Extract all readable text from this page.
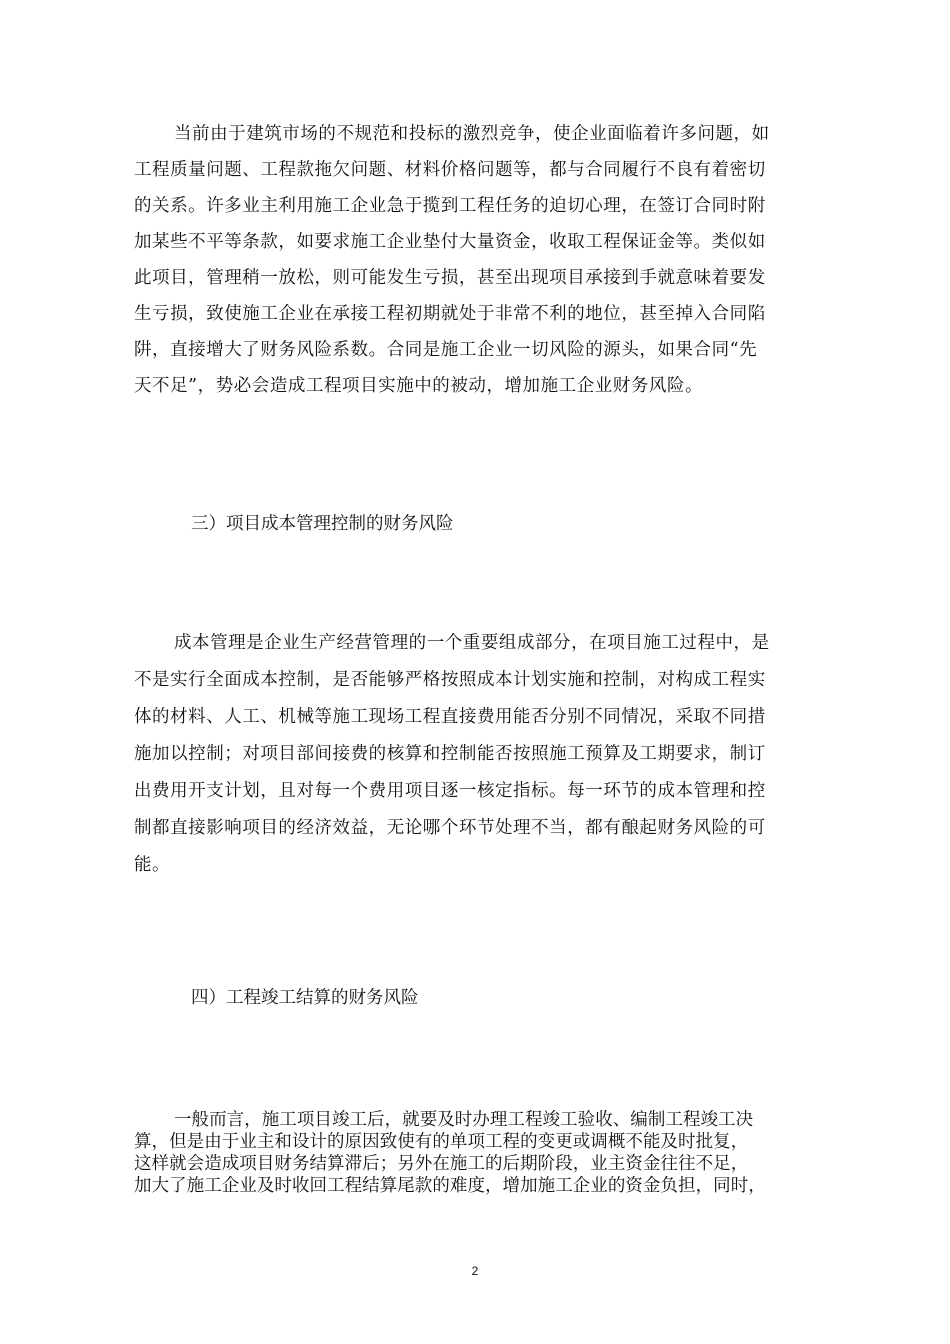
当前由于建筑市场的不规范和投标的激烈竞争，使企业面临着许多问题，如
工程质量问题、工程款拖欠问题、材料价格问题等，都与合同履行不良有着密切
的关系。许多业主利用施工企业急于揽到工程任务的迫切心理，在签订合同时附
加某些不平等条款，如要求施工企业垫付大量资金，收取工程保证金等。类似如
此项目，管理稍一放松，则可能发生亏损，甚至出现项目承接到手就意味着要发
生亏损，致使施工企业在承接工程初期就处于非常不利的地位，甚至掉入合同陷
阱，直接增大了财务风险系数。合同是施工企业一切风险的源头，如果合同“先
天不足”，势必会造成工程项目实施中的被动，增加施工企业财务风险。
三）项目成本管理控制的财务风险
成本管理是企业生产经营管理的一个重要组成部分，在项目施工过程中，是
不是实行全面成本控制，是否能够严格按照成本计划实施和控制，对构成工程实
体的材料、人工、机械等施工现场工程直接费用能否分别不同情况，采取不同措
施加以控制；对项目部间接费的核算和控制能否按照施工预算及工期要求，制订
出费用开支计划，且对每一个费用项目逐一核定指标。每一环节的成本管理和控
制都直接影响项目的经济效益，无论哪个环节处理不当，都有酿起财务风险的可
能。
四）工程竣工结算的财务风险
一般而言，施工项目竣工后，就要及时办理工程竣工验收、编制工程竣工决
算，但是由于业主和设计的原因致使有的单项工程的变更或调概不能及时批复，
这样就会造成项目财务结算滞后；另外在施工的后期阶段，业主资金往往不足，
加大了施工企业及时收回工程结算尾款的难度，增加施工企业的资金负担，同时，
2
